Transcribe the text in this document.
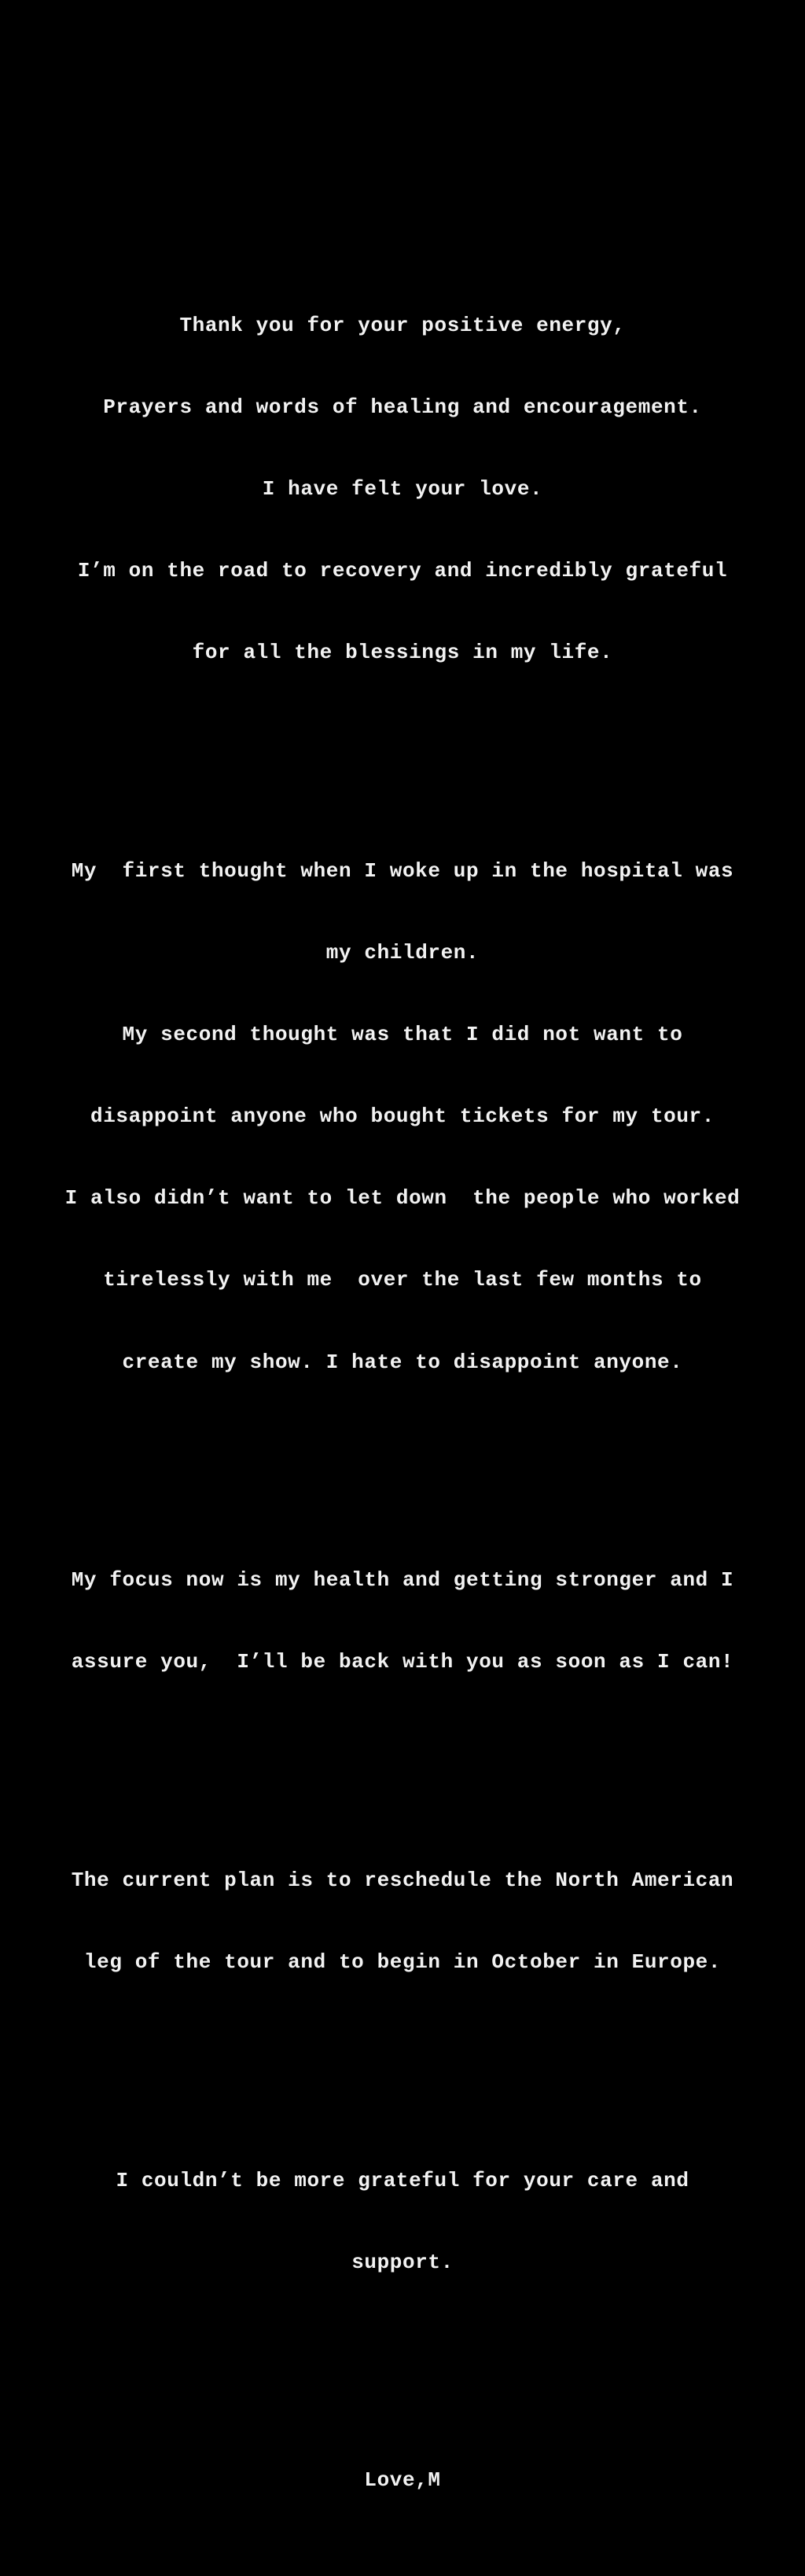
Thank you for your positive energy,

Prayers and words of healing and encouragement.

I have felt your love.

I’m on the road to recovery and incredibly grateful

for all the blessings in my life.

My  first thought when I woke up in the hospital was

my children.

My second thought was that I did not want to

disappoint anyone who bought tickets for my tour.

I also didn’t want to let down  the people who worked

tirelessly with me  over the last few months to

create my show. I hate to disappoint anyone.

My focus now is my health and getting stronger and I

assure you,  I’ll be back with you as soon as I can!

The current plan is to reschedule the North American

leg of the tour and to begin in October in Europe.

I couldn’t be more grateful for your care and

support.

Love,M
